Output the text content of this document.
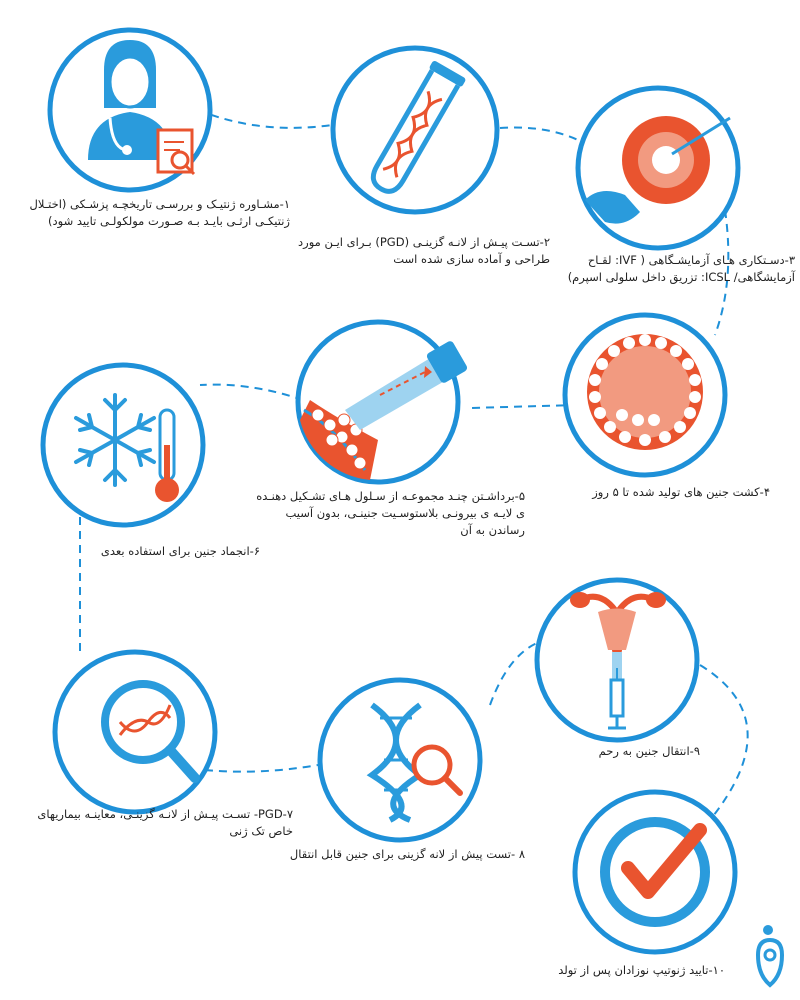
۱-مشـاوره ژنتیـک و بررسـی تاریخچـه پزشـکی (اختـلال ژنتیکـی ارثـی بایـد بـه صـورت مولکولـی تایید شود)
۲-تسـت پیـش از لانـه گزینـی (PGD) بـرای ایـن مورد طراحی و آماده سازی شده است	۳-دسـتکاری هـای آزمایشـگاهی ( IVF: لقـاح آزمایشگاهی/ ICSL: تزریق داخل سلولی اسپرم)
۴-کشت جنین های تولید شده تا ۵ روز
۵-برداشـتن چنـد مجموعـه از سـلول هـای تشـکیل دهنـده ی لایـه ی بیرونـی بلاستوسـیت جنینـی، بدون آسیب رساندن به آن
۶-انجماد جنین برای استفاده بعدی
PGD-۷- تسـت پیـش از لانـه گزینـی، معاینـه بیماریهای خاص تک ژنی
۸ -تست پیش از لانه گزینی برای جنین قابل انتقال
۹-انتقال جنین به رحم
۱۰-تایید ژنوتیپ نوزادان پس از تولد
